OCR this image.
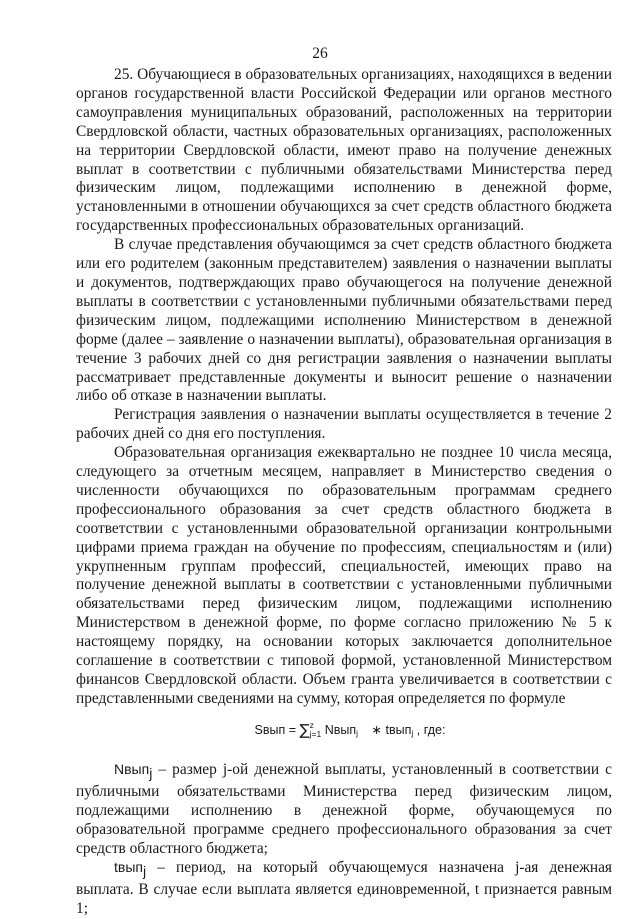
26

25. Обучающиеся в образовательных организациях, находящихся в ведении органов государственной власти Российской Федерации или органов местного самоуправления муниципальных образований, расположенных на территории Свердловской области, частных образовательных организациях, расположенных на территории Свердловской области, имеют право на получение денежных выплат в соответствии с публичными обязательствами Министерства перед физическим лицом, подлежащими исполнению в денежной форме, установленными в отношении обучающихся за счет средств областного бюджета государственных профессиональных образовательных организаций.

В случае представления обучающимся за счет средств областного бюджета или его родителем (законным представителем) заявления о назначении выплаты и документов, подтверждающих право обучающегося на получение денежной выплаты в соответствии с установленными публичными обязательствами перед физическим лицом, подлежащими исполнению Министерством в денежной форме (далее – заявление о назначении выплаты), образовательная организация в течение 3 рабочих дней со дня регистрации заявления о назначении выплаты рассматривает представленные документы и выносит решение о назначении либо об отказе в назначении выплаты.

Регистрация заявления о назначении выплаты осуществляется в течение 2 рабочих дней со дня его поступления.

Образовательная организация ежеквартально не позднее 10 числа месяца, следующего за отчетным месяцем, направляет в Министерство сведения о численности обучающихся по образовательным программам среднего профессионального образования за счет средств областного бюджета в соответствии с установленными образовательной организации контрольными цифрами приема граждан на обучение по профессиям, специальностям и (или) укрупненным группам профессий, специальностей, имеющих право на получение денежной выплаты в соответствии с установленными публичными обязательствами перед физическим лицом, подлежащими исполнению Министерством в денежной форме, по форме согласно приложению № 5 к настоящему порядку, на основании которых заключается дополнительное соглашение в соответствии с типовой формой, установленной Министерством финансов Свердловской области. Объем гранта увеличивается в соответствии с представленными сведениями на сумму, которая определяется по формуле

Sвып = ∑z
j=1 Nвып$_j$ ∗ tвып$_j$ , где:

Nвып$_j$ – размер j-ой денежной выплаты, установленный в соответствии с публичными обязательствами Министерства перед физическим лицом, подлежащими исполнению в денежной форме, обучающемуся по образовательной программе среднего профессионального образования за счет средств областного бюджета;

tвып$_j$ – период, на который обучающемуся назначена j-ая денежная выплата. В случае если выплата является единовременной, t признается равным 1;
